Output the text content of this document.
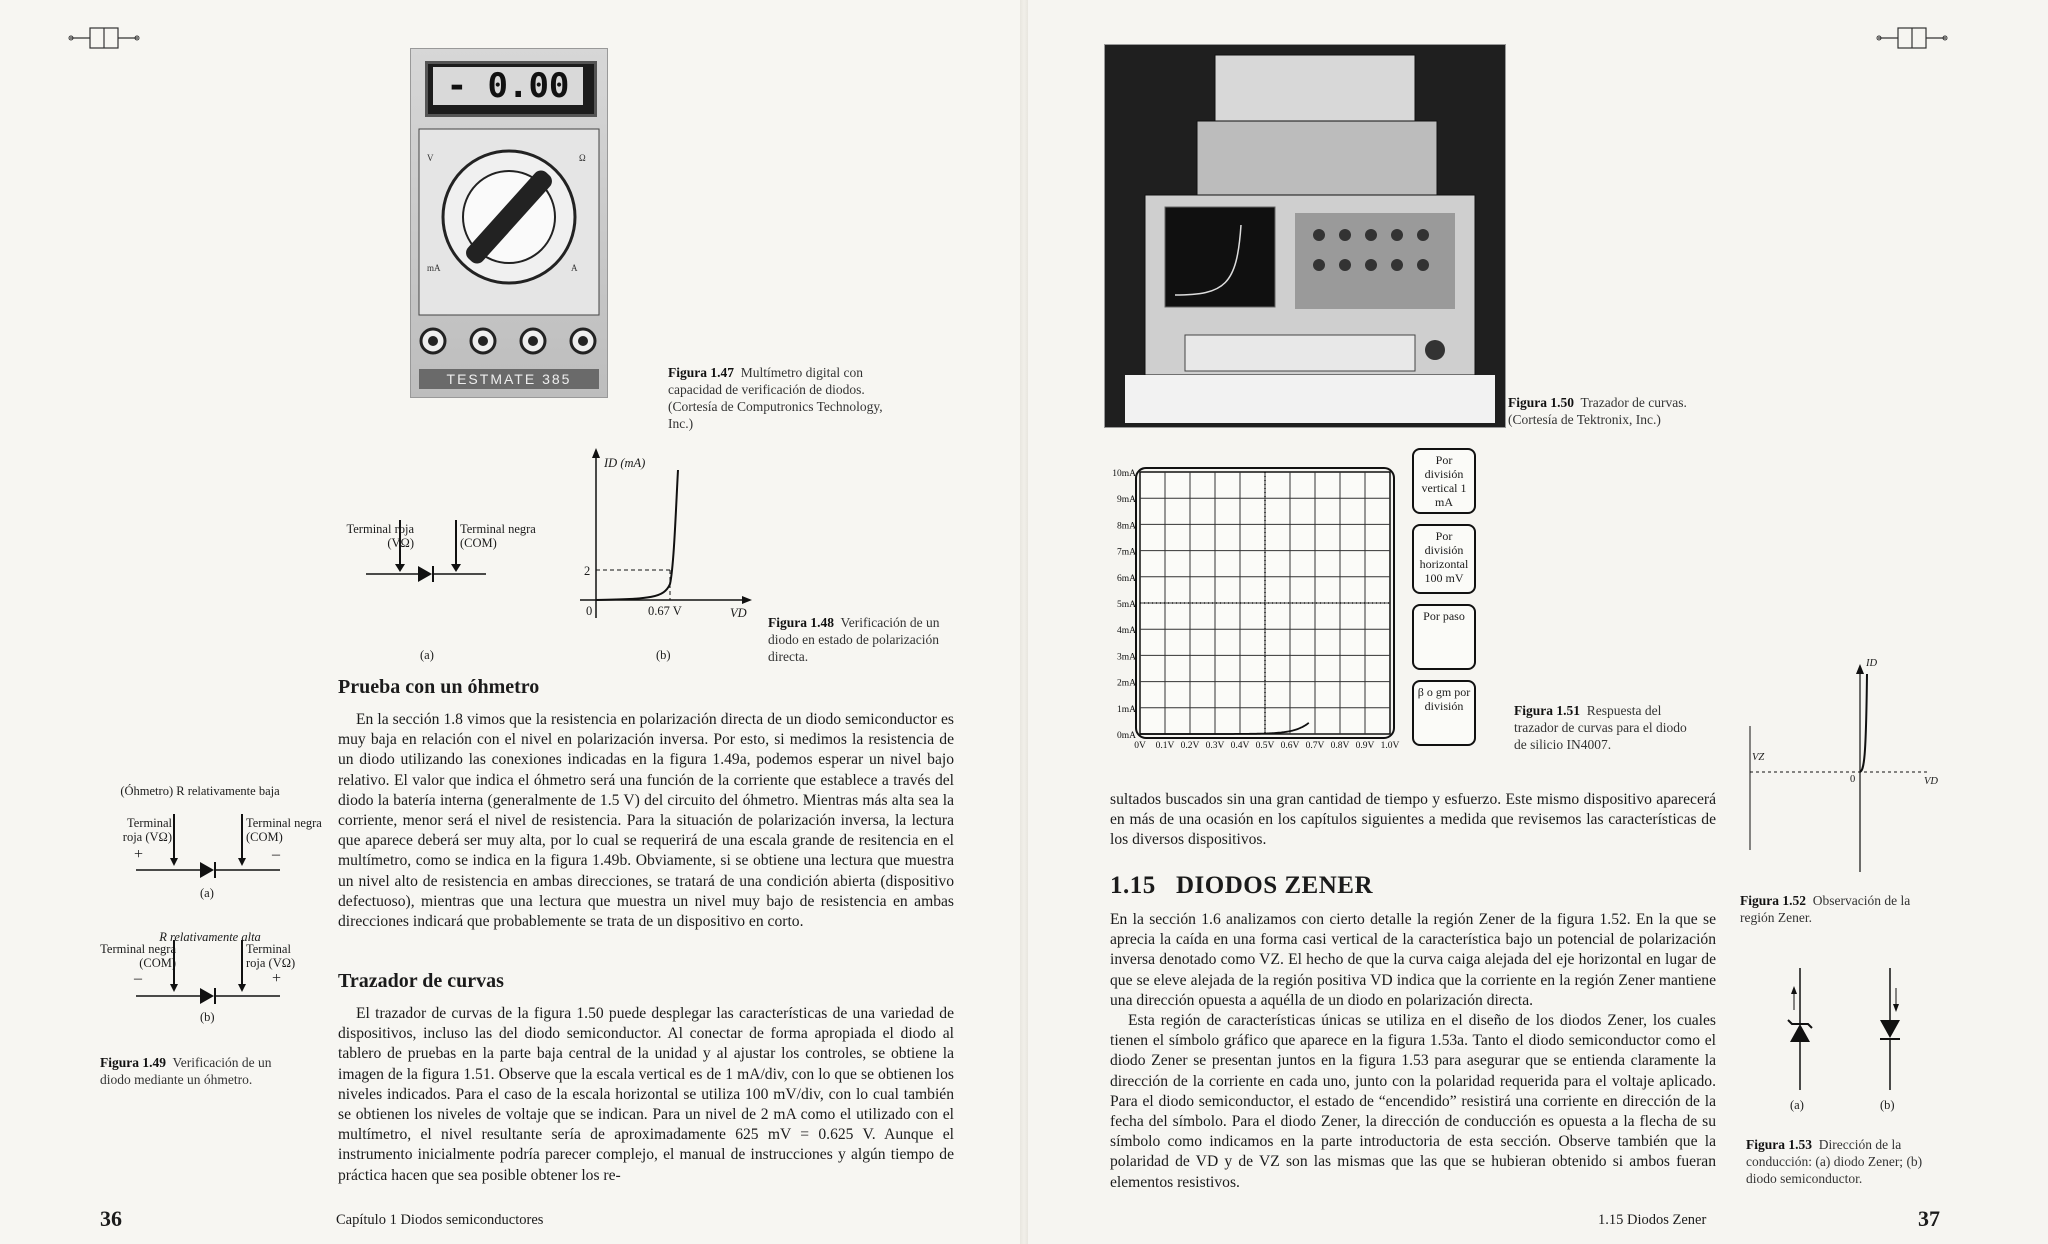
- 0.00
V	Ω
mA	A
TESTMATE 385	Figura 1.47 Multímetro digital con capacidad de verificación de diodos. (Cortesía de Computronics Technology, Inc.)
Terminal roja (VΩ)
Terminal negra (COM)
ID (mA)
2
0	0.67 V	VD
(a)	(b)
Figura 1.48 Verificación de un diodo en estado de polarización directa.
Prueba con un óhmetro

En la sección 1.8 vimos que la resistencia en polarización directa de un diodo semiconductor es muy baja en relación con el nivel en polarización inversa. Por esto, si medimos la resistencia de un diodo utilizando las conexiones indicadas en la figura 1.49a, podemos esperar un nivel bajo relativo. El valor que indica el óhmetro será una función de la corriente que establece a través del diodo la batería interna (generalmente de 1.5 V) del circuito del óhmetro. Mientras más alta sea la corriente, menor será el nivel de resistencia. Para la situación de polarización inversa, la lectura que aparece deberá ser muy alta, por lo cual se requerirá de una escala grande de resitencia en el multímetro, como se indica en la figura 1.49b. Obviamente, si se obtiene una lectura que muestra un nivel alto de resistencia en ambas direcciones, se tratará de una condición abierta (dispositivo defectuoso), mientras que una lectura que muestra un nivel muy bajo de resistencia en ambas direcciones indicará que probablemente se trata de un dispositivo en corto.

Trazador de curvas

El trazador de curvas de la figura 1.50 puede desplegar las características de una variedad de dispositivos, incluso las del diodo semiconductor. Al conectar de forma apropiada el diodo al tablero de pruebas en la parte baja central de la unidad y al ajustar los controles, se obtiene la imagen de la figura 1.51. Observe que la escala vertical es de 1 mA/div, con lo que se obtienen los niveles indicados. Para el caso de la escala horizontal se utiliza 100 mV/div, con lo cual también se obtienen los niveles de voltaje que se indican. Para un nivel de 2 mA como el utilizado con el multímetro, el nivel resultante sería de aproximadamente 625 mV = 0.625 V. Aunque el instrumento inicialmente podría parecer complejo, el manual de instrucciones y algún tiempo de práctica hacen que sea posible obtener los re-

(Óhmetro) R relativamente baja
Terminal roja (VΩ)
Terminal negra (COM)
+	–
(a)
R relativamente alta
Terminal negra (COM)
Terminal roja (VΩ)
–	+
(b)
Figura 1.49 Verificación de un diodo mediante un óhmetro.
36	Capítulo 1 Diodos semiconductores
Figura 1.50 Trazador de curvas. (Cortesía de Tektronix, Inc.)
10mA
9mA
8mA
7mA
6mA
5mA
4mA
3mA
2mA
1mA
0mA
0V 0.1V 0.2V 0.3V 0.4V 0.5V 0.6V 0.7V 0.8V 0.9V 1.0V
Por división vertical 1 mA
Por división horizontal 100 mV
Por paso
β o gm por división	Figura 1.51 Respuesta del trazador de curvas para el diodo de silicio IN4007.

sultados buscados sin una gran cantidad de tiempo y esfuerzo. Este mismo dispositivo aparecerá en más de una ocasión en los capítulos siguientes a medida que revisemos las características de los diversos dispositivos.

1.15 DIODOS ZENER

En la sección 1.6 analizamos con cierto detalle la región Zener de la figura 1.52. En la que se aprecia la caída en una forma casi vertical de la característica bajo un potencial de polarización inversa denotado como VZ. El hecho de que la curva caiga alejada del eje horizontal en lugar de que se eleve alejada de la región positiva VD indica que la corriente en la región Zener mantiene una dirección opuesta a aquélla de un diodo en polarización directa.

Esta región de características únicas se utiliza en el diseño de los diodos Zener, los cuales tienen el símbolo gráfico que aparece en la figura 1.53a. Tanto el diodo semiconductor como el diodo Zener se presentan juntos en la figura 1.53 para asegurar que se entienda claramente la dirección de la corriente en cada uno, junto con la polaridad requerida para el voltaje aplicado. Para el diodo semiconductor, el estado de “encendido” resistirá una corriente en dirección de la fecha del símbolo. Para el diodo Zener, la dirección de conducción es opuesta a la flecha de su símbolo como indicamos en la parte introductoria de esta sección. Observe también que la polaridad de VD y de VZ son las mismas que las que se hubieran obtenido si ambos fueran elementos resistivos.

ID
VZ
0	VD
Figura 1.52 Observación de la región Zener.
(a)	(b)
Figura 1.53 Dirección de la conducción: (a) diodo Zener; (b) diodo semiconductor.
1.15 Diodos Zener	37
